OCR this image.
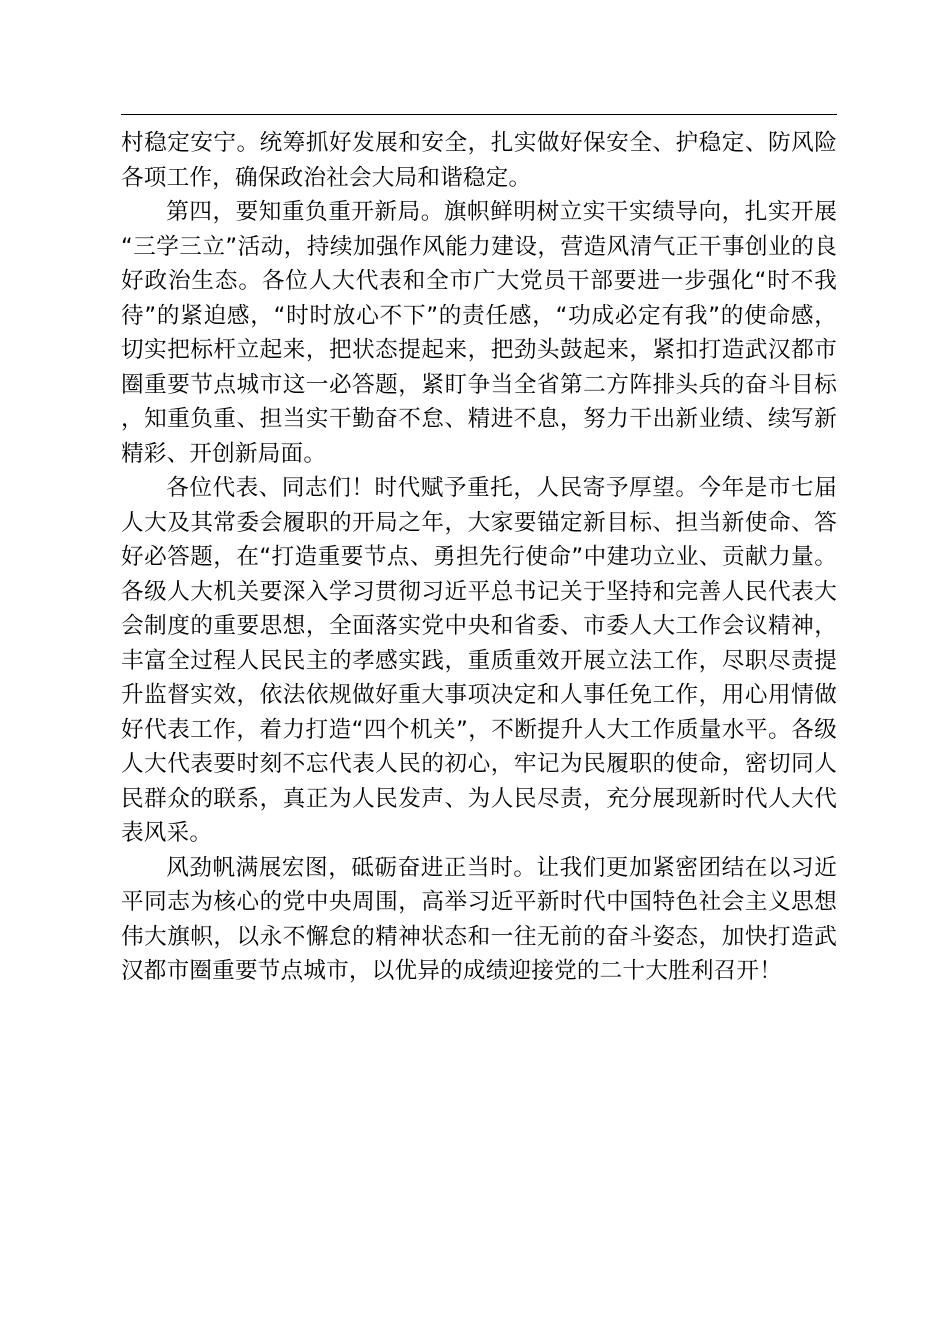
村稳定安宁。统筹抓好发展和安全，扎实做好保安全、护稳定、防风险各项工作，确保政治社会大局和谐稳定。

第四，要知重负重开新局。旗帜鲜明树立实干实绩导向，扎实开展“三学三立”活动，持续加强作风能力建设，营造风清气正干事创业的良好政治生态。各位人大代表和全市广大党员干部要进一步强化“时不我待”的紧迫感，“时时放心不下”的责任感，“功成必定有我”的使命感，切实把标杆立起来，把状态提起来，把劲头鼓起来，紧扣打造武汉都市圈重要节点城市这一必答题，紧盯争当全省第二方阵排头兵的奋斗目标，知重负重、担当实干勤奋不怠、精进不息，努力干出新业绩、续写新精彩、开创新局面。

各位代表、同志们！时代赋予重托，人民寄予厚望。今年是市七届人大及其常委会履职的开局之年，大家要锚定新目标、担当新使命、答好必答题，在“打造重要节点、勇担先行使命”中建功立业、贡献力量。各级人大机关要深入学习贯彻习近平总书记关于坚持和完善人民代表大会制度的重要思想，全面落实党中央和省委、市委人大工作会议精神，丰富全过程人民民主的孝感实践，重质重效开展立法工作，尽职尽责提升监督实效，依法依规做好重大事项决定和人事任免工作，用心用情做好代表工作，着力打造“四个机关”，不断提升人大工作质量水平。各级人大代表要时刻不忘代表人民的初心，牢记为民履职的使命，密切同人民群众的联系，真正为人民发声、为人民尽责，充分展现新时代人大代表风采。

风劲帆满展宏图，砥砺奋进正当时。让我们更加紧密团结在以习近平同志为核心的党中央周围，高举习近平新时代中国特色社会主义思想伟大旗帜，以永不懈怠的精神状态和一往无前的奋斗姿态，加快打造武汉都市圈重要节点城市，以优异的成绩迎接党的二十大胜利召开！
